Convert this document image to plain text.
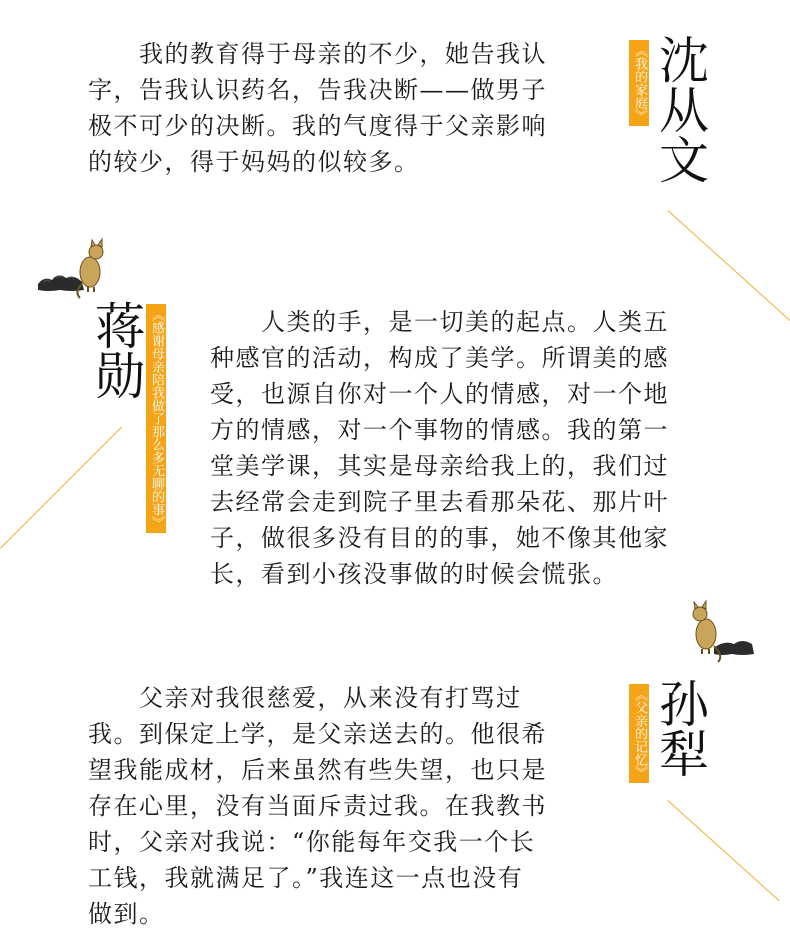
　　我的教育得于母亲的不少，她告我认
字，告我认识药名，告我决断——做男子
极不可少的决断。我的气度得于父亲影响
的较少，得于妈妈的似较多。
《我的家庭》 沈从文
蒋勋 《感谢母亲陪我做了那么多无聊的事》 　　人类的手，是一切美的起点。人类五
种感官的活动，构成了美学。所谓美的感
受，也源自你对一个人的情感，对一个地
方的情感，对一个事物的情感。我的第一
堂美学课，其实是母亲给我上的，我们过
去经常会走到院子里去看那朵花、那片叶
子，做很多没有目的的事，她不像其他家
长，看到小孩没事做的时候会慌张。
　　父亲对我很慈爱，从来没有打骂过
我。到保定上学，是父亲送去的。他很希
望我能成材，后来虽然有些失望，也只是
存在心里，没有当面斥责过我。在我教书
时，父亲对我说：“你能每年交我一个长
工钱，我就满足了。”我连这一点也没有
做到。
《父亲的记忆》 孙犁
